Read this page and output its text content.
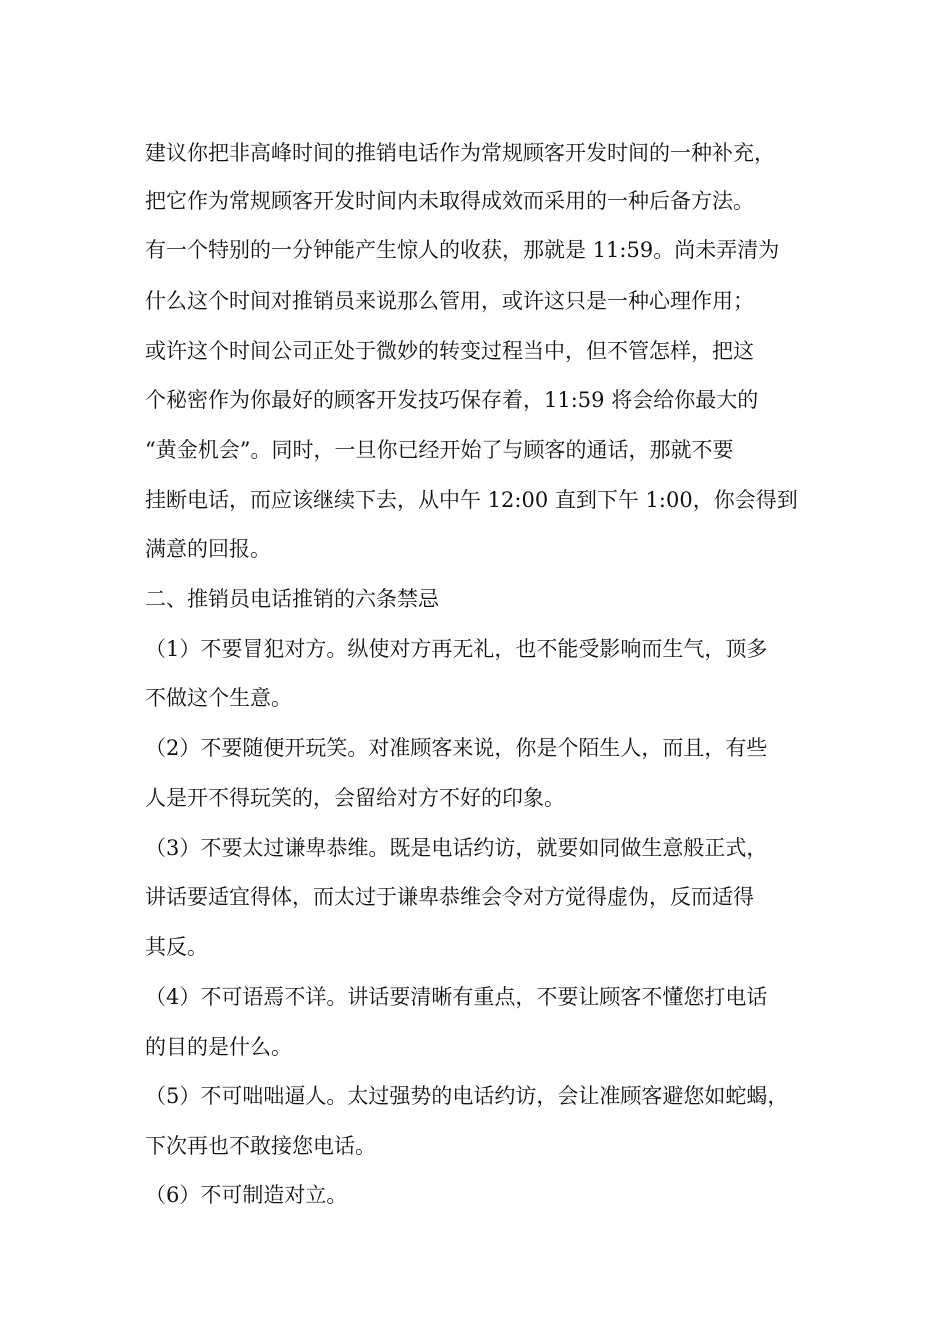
建议你把非高峰时间的推销电话作为常规顾客开发时间的一种补充，

把它作为常规顾客开发时间内未取得成效而采用的一种后备方法。

有一个特别的一分钟能产生惊人的收获，那就是 11:59。尚未弄清为

什么这个时间对推销员来说那么管用，或许这只是一种心理作用；

或许这个时间公司正处于微妙的转变过程当中，但不管怎样，把这

个秘密作为你最好的顾客开发技巧保存着，11:59 将会给你最大的

“黄金机会”。同时，一旦你已经开始了与顾客的通话，那就不要

挂断电话，而应该继续下去，从中午 12:00 直到下午 1:00，你会得到

满意的回报。

二、推销员电话推销的六条禁忌

（1）不要冒犯对方。纵使对方再无礼，也不能受影响而生气，顶多

不做这个生意。

（2）不要随便开玩笑。对准顾客来说，你是个陌生人，而且，有些

人是开不得玩笑的，会留给对方不好的印象。

（3）不要太过谦卑恭维。既是电话约访，就要如同做生意般正式，

讲话要适宜得体，而太过于谦卑恭维会令对方觉得虚伪，反而适得

其反。

（4）不可语焉不详。讲话要清晰有重点，不要让顾客不懂您打电话

的目的是什么。

（5）不可咄咄逼人。太过强势的电话约访，会让准顾客避您如蛇蝎，

下次再也不敢接您电话。

（6）不可制造对立。
